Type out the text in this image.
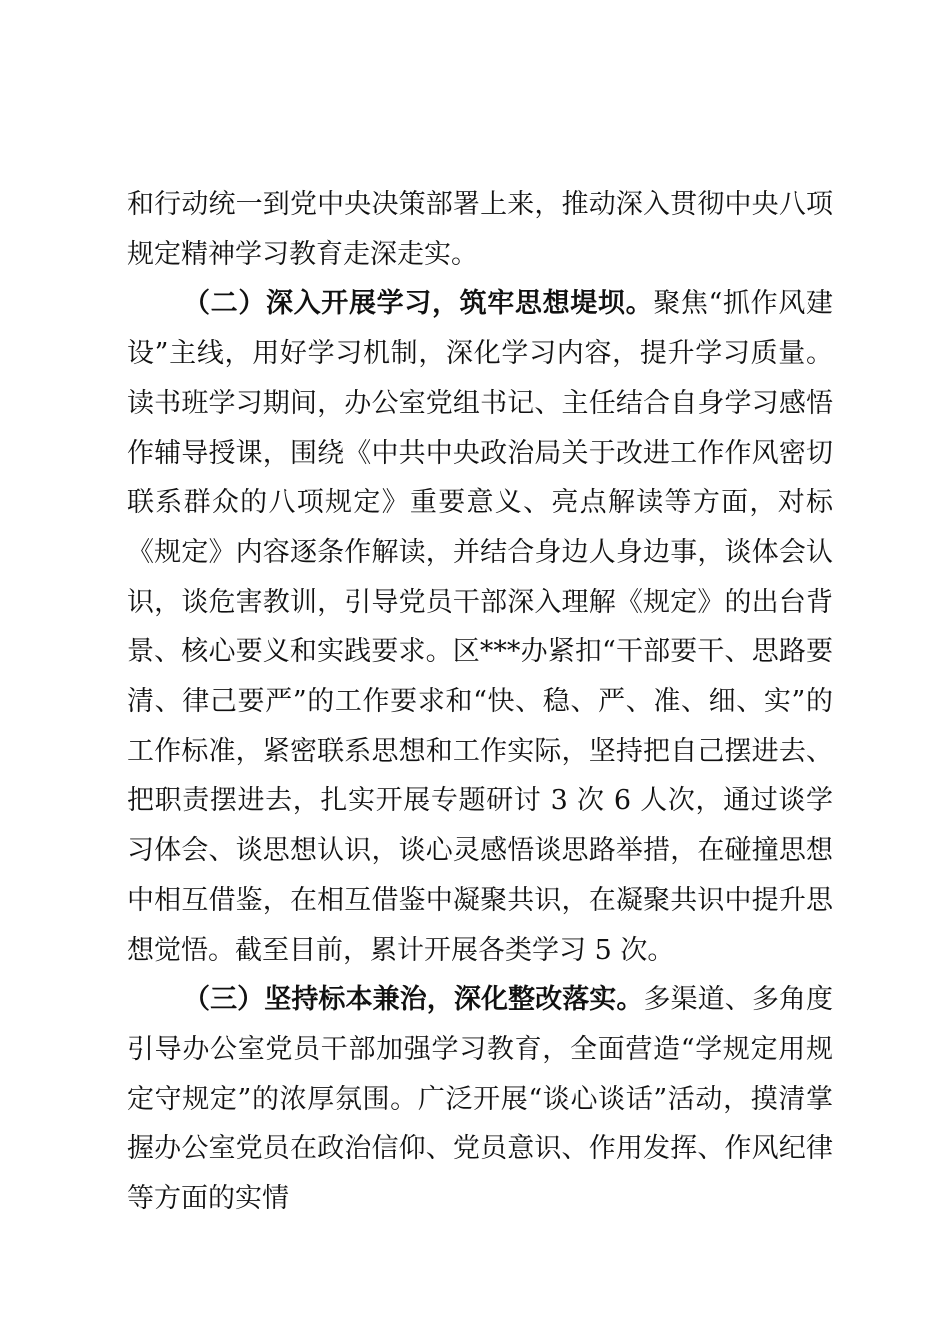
和行动统一到党中央决策部署上来，推动深入贯彻中央八项规定精神学习教育走深走实。

（二）深入开展学习，筑牢思想堤坝。聚焦“抓作风建设”主线，用好学习机制，深化学习内容，提升学习质量。读书班学习期间，办公室党组书记、主任结合自身学习感悟作辅导授课，围绕《中共中央政治局关于改进工作作风密切联系群众的八项规定》重要意义、亮点解读等方面，对标《规定》内容逐条作解读，并结合身边人身边事，谈体会认识，谈危害教训，引导党员干部深入理解《规定》的出台背景、核心要义和实践要求。区***办紧扣“干部要干、思路要清、律己要严”的工作要求和“快、稳、严、准、细、实”的工作标准，紧密联系思想和工作实际，坚持把自己摆进去、把职责摆进去，扎实开展专题研讨 3 次 6 人次，通过谈学习体会、谈思想认识，谈心灵感悟谈思路举措，在碰撞思想中相互借鉴，在相互借鉴中凝聚共识，在凝聚共识中提升思想觉悟。截至目前，累计开展各类学习 5 次。

（三）坚持标本兼治，深化整改落实。多渠道、多角度引导办公室党员干部加强学习教育，全面营造“学规定用规定守规定”的浓厚氛围。广泛开展“谈心谈话”活动，摸清掌握办公室党员在政治信仰、党员意识、作用发挥、作风纪律等方面的实情
